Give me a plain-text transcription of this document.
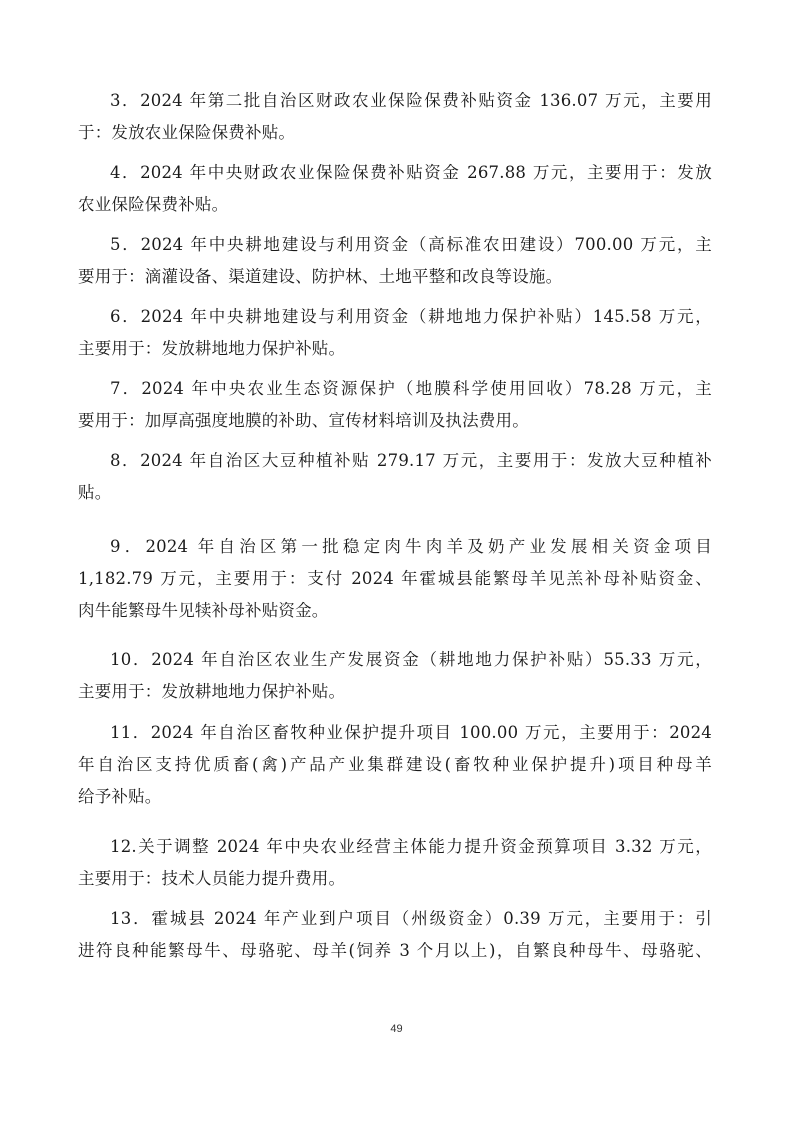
3．2024 年第二批自治区财政农业保险保费补贴资金 136.07 万元，主要用
于：发放农业保险保费补贴。
4．2024 年中央财政农业保险保费补贴资金 267.88 万元，主要用于：发放
农业保险保费补贴。
5．2024 年中央耕地建设与利用资金（高标准农田建设）700.00 万元，主
要用于：滴灌设备、渠道建设、防护林、土地平整和改良等设施。
6．2024 年中央耕地建设与利用资金（耕地地力保护补贴）145.58 万元，
主要用于：发放耕地地力保护补贴。
7．2024 年中央农业生态资源保护（地膜科学使用回收）78.28 万元，主
要用于：加厚高强度地膜的补助、宣传材料培训及执法费用。
8．2024 年自治区大豆种植补贴 279.17 万元，主要用于：发放大豆种植补
贴。
9．2024 年自治区第一批稳定肉牛肉羊及奶产业发展相关资金项目
1,182.79 万元，主要用于：支付 2024 年霍城县能繁母羊见羔补母补贴资金、
肉牛能繁母牛见犊补母补贴资金。
10．2024 年自治区农业生产发展资金（耕地地力保护补贴）55.33 万元，
主要用于：发放耕地地力保护补贴。
11．2024 年自治区畜牧种业保护提升项目 100.00 万元，主要用于：2024
年自治区支持优质畜(禽)产品产业集群建设(畜牧种业保护提升)项目种母羊
给予补贴。
12.关于调整 2024 年中央农业经营主体能力提升资金预算项目 3.32 万元，
主要用于：技术人员能力提升费用。
13．霍城县 2024 年产业到户项目（州级资金）0.39 万元，主要用于：引
进符良种能繁母牛、母骆驼、母羊(饲养 3 个月以上)，自繁良种母牛、母骆驼、
49
